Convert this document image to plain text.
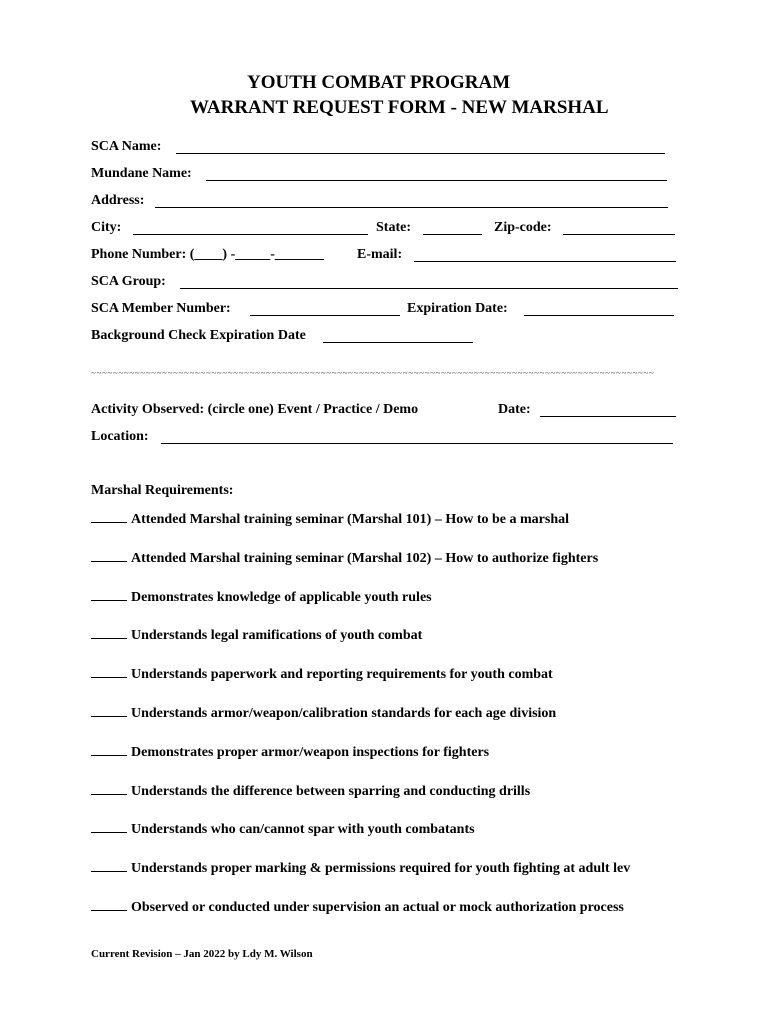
YOUTH COMBAT PROGRAM
WARRANT REQUEST FORM - NEW MARSHAL
SCA Name:
Mundane Name:
Address:
City:	State:	Zip-code:
Phone Number: (____) -_____-_______ E-mail:
SCA Group:
SCA Member Number:	Expiration Date:
Background Check Expiration Date
~~~~~~~~~~~~~~~~~~~~~~~~~~~~~~~~~~~~~~~~~~~~~~~~~~~~~~~~~~~~~~~~~~~~~~~~~~~~~~~~~~~~~~~~~~~~~~~~~~~~~~~
Activity Observed: (circle one) Event / Practice / Demo	Date:
Location:
Marshal Requirements:
Attended Marshal training seminar (Marshal 101) – How to be a marshal
Attended Marshal training seminar (Marshal 102) – How to authorize fighters
Demonstrates knowledge of applicable youth rules
Understands legal ramifications of youth combat
Understands paperwork and reporting requirements for youth combat
Understands armor/weapon/calibration standards for each age division
Demonstrates proper armor/weapon inspections for fighters
Understands the difference between sparring and conducting drills
Understands who can/cannot spar with youth combatants
Understands proper marking & permissions required for youth fighting at adult lev
Observed or conducted under supervision an actual or mock authorization process
Current Revision – Jan 2022 by Ldy M. Wilson
